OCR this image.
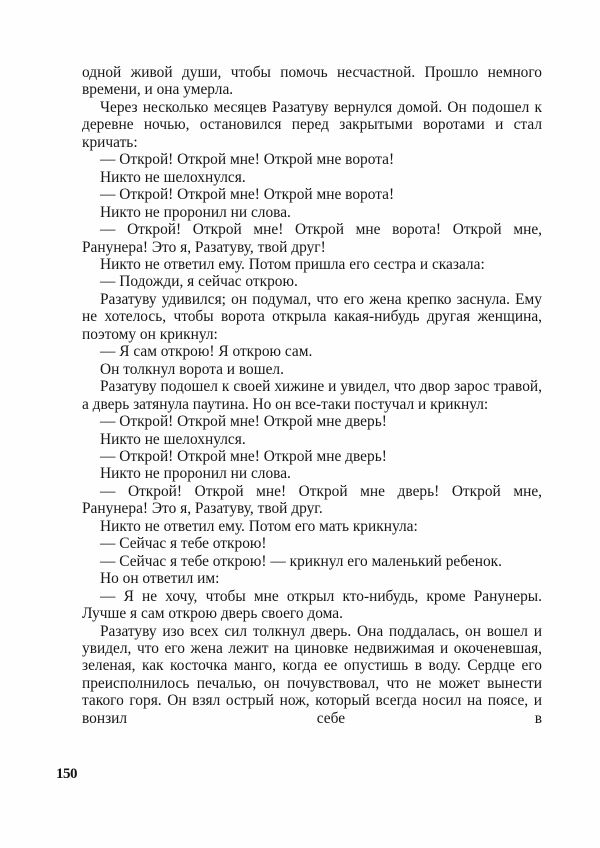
одной живой души, чтобы помочь несчастной. Прошло немного времени, и она умерла.

Через несколько месяцев Разатуву вернулся домой. Он подошел к деревне ночью, остановился перед закрытыми воротами и стал кричать:

— Открой! Открой мне! Открой мне ворота!

Никто не шелохнулся.

— Открой! Открой мне! Открой мне ворота!

Никто не проронил ни слова.

— Открой! Открой мне! Открой мне ворота! Открой мне, Ранунера! Это я, Разатуву, твой друг!

Никто не ответил ему. Потом пришла его сестра и сказала:

— Подожди, я сейчас открою.

Разатуву удивился; он подумал, что его жена крепко заснула. Ему не хотелось, чтобы ворота открыла какая-нибудь другая женщина, поэтому он крикнул:

— Я сам открою! Я открою сам.

Он толкнул ворота и вошел.

Разатуву подошел к своей хижине и увидел, что двор зарос травой, а дверь затянула паутина. Но он все-таки постучал и крикнул:

— Открой! Открой мне! Открой мне дверь!

Никто не шелохнулся.

— Открой! Открой мне! Открой мне дверь!

Никто не проронил ни слова.

— Открой! Открой мне! Открой мне дверь! Открой мне, Ранунера! Это я, Разатуву, твой друг.

Никто не ответил ему. Потом его мать крикнула:

— Сейчас я тебе открою!

— Сейчас я тебе открою! — крикнул его маленький ребенок.

Но он ответил им:

— Я не хочу, чтобы мне открыл кто-нибудь, кроме Ранунеры. Лучше я сам открою дверь своего дома.

Разатуву изо всех сил толкнул дверь. Она поддалась, он вошел и увидел, что его жена лежит на циновке недвижимая и окоченевшая, зеленая, как косточка манго, когда ее опустишь в воду. Сердце его преисполнилось печалью, он почувствовал, что не может вынести такого горя. Он взял острый нож, который всегда носил на поясе, и вонзил себе в

150
